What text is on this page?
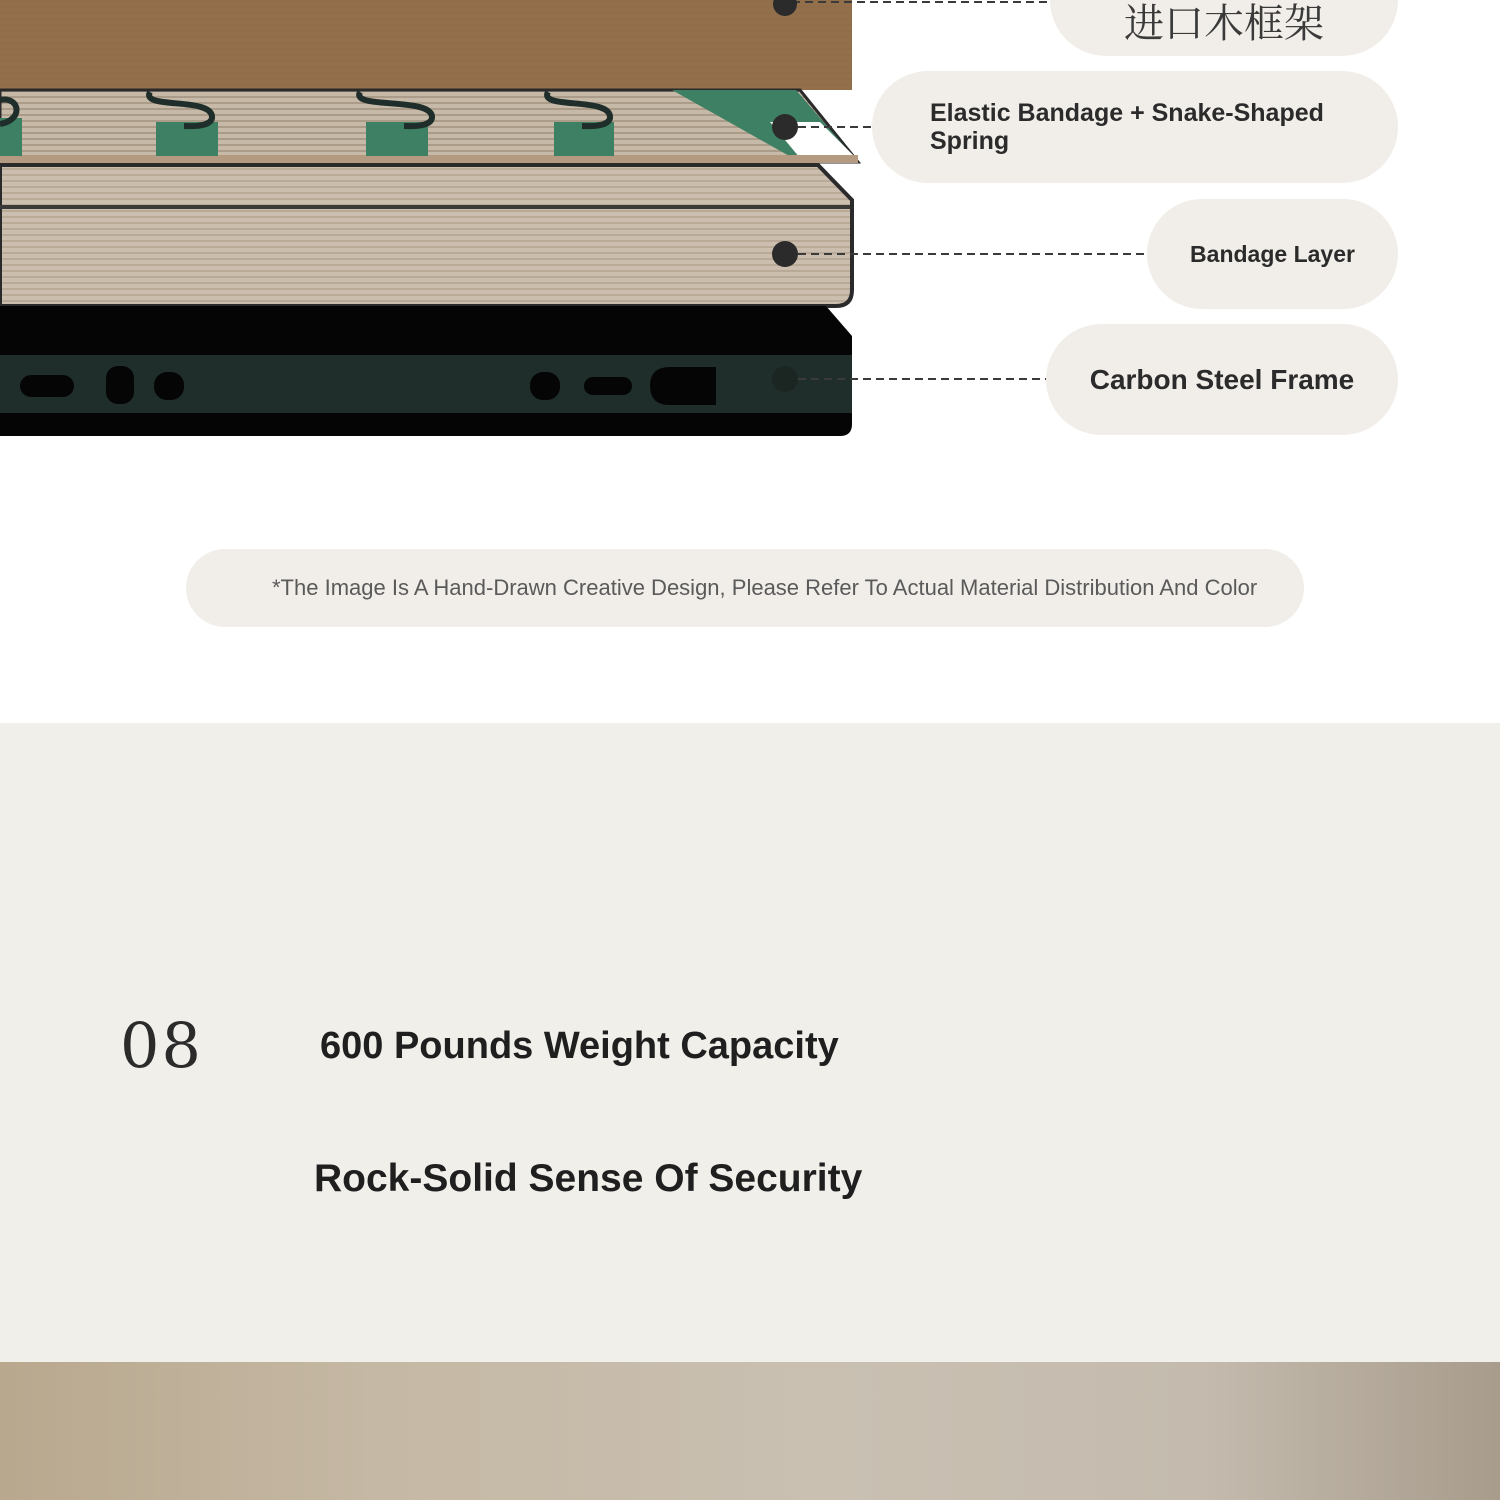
进口木框架
Elastic Bandage + Snake-Shaped Spring
Bandage Layer
Carbon Steel Frame
*The Image Is A Hand-Drawn Creative Design, Please Refer To Actual Material Distribution And Color
08	600 Pounds Weight Capacity
Rock-Solid Sense Of Security
